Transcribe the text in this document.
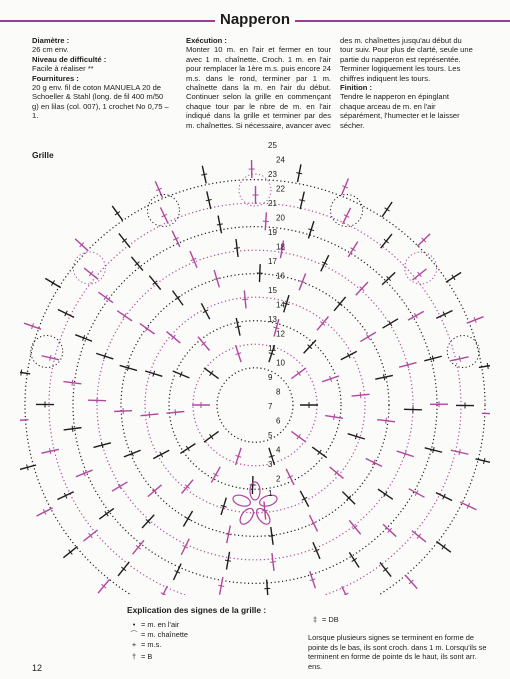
Napperon

Diamètre :

26 cm env.

Niveau de difficulté :

Facile à réaliser **

Fournitures :

20 g env. fil de coton MANUELA 20 de Schoeller & Stahl (long. de fil 400 m/50 g) en lilas (col. 007), 1 crochet No 0,75 – 1.

Exécution :

Monter 10 m. en l'air et fermer en tour avec 1 m. chaînette. Croch. 1 m. en l'air pour remplacer la 1ère m.s. puis encore 24 m.s. dans le rond, terminer par 1 m. chaînette dans la m. en l'air du début. Continuer selon la grille en commençant chaque tour par le nbre de m. en l'air indiqué dans la grille et terminer par des m. chaînettes. Si nécessaire, avancer avec

des m. chaînettes jusqu'au début du tour suiv. Pour plus de clarté, seule une partie du napperon est représentée. Terminer logiquement les tours. Les chiffres indiquent les tours.

Finition :

Tendre le napperon en épinglant chaque arceau de m. en l'air séparément, l'humecter et le laisser sécher.

25
24
23
22
21
20
19
18
17
16
15
14
13
12
11
10
9
8
7
6
5
4
3
2
1
Grille
Explication des signes de la grille :
• = m. en l'air
⌒ = m. chaînette
+ = m.s.
† = B
‡ = DB
Lorsque plusieurs signes se terminent en forme de pointe ds le bas, ils sont croch. dans 1 m. Lorsqu'ils se terminent en forme de pointe ds le haut, ils sont arr. ens.
12
